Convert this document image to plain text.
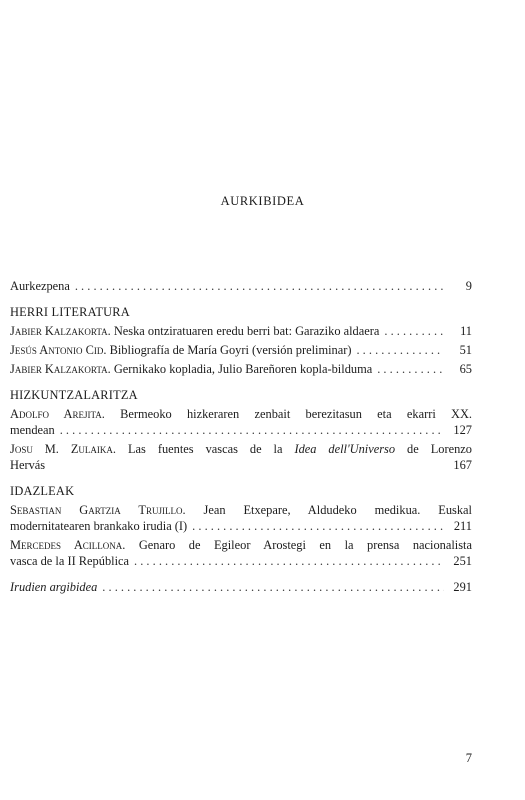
AURKIBIDEA
Aurkezpena . . .	9
HERRI LITERATURA
Jabier Kalzakorta. Neska ontziratuaren eredu berri bat: Garaziko aldaera . . .	11
Jesús Antonio Cid. Bibliografía de María Goyri (versión preliminar) . . .	51
Jabier Kalzakorta. Gernikako kopladia, Julio Bareñoren kopla-bilduma . . .	65
HIZKUNTZALARITZA
Adolfo Arejita. Bermeoko hizkeraren zenbait berezitasun eta ekarri XX.
mendean . . .	127
Josu M. Zulaika. Las fuentes vascas de la Idea dell'Universo de Lorenzo
Hervás	167
IDAZLEAK
Sebastian Gartzia Trujillo. Jean Etxepare, Aldudeko medikua. Euskal
modernitatearen brankako irudia (I) . . .	211
Mercedes Acillona. Genaro de Egileor Arostegi en la prensa nacionalista
vasca de la II República . . .	251
Irudien argibidea . . .	291
7
